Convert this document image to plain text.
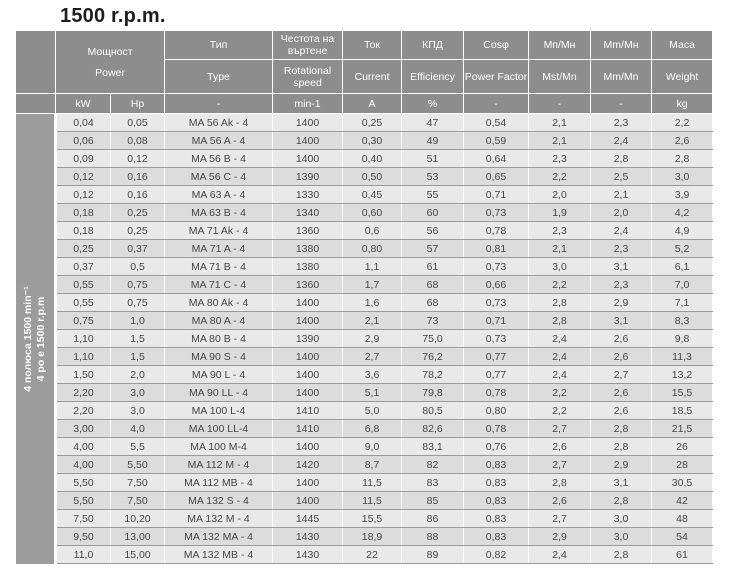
1500 r.p.m.

	Мощност
Power		Тип	Честота на въртене	Ток	КПД	Cosφ	Mп/Mн	Mm/Mн	Маса
			Type	Rotational speed	Current	Efficiency	Power Factor	Mst/Mn	Mm/Mn	Weight
	kW	Hp	-	min-1	A	%	-	-	-	kg

4 полюса 1500 min⁻¹ 4 po e 1500 r.p.m	0,04	0,05	MA 56 Ak - 4	1400	0,25	47	0,54	2,1	2,3	2,2
	0,06	0,08	MA 56 A - 4	1400	0,30	49	0,59	2,1	2,4	2,6
	0,09	0,12	MA 56 B - 4	1400	0,40	51	0,64	2,3	2,8	2,8
	0,12	0,16	MA 56 C - 4	1390	0,50	53	0,65	2,2	2,5	3,0
	0,12	0,16	MA 63 A - 4	1330	0,45	55	0,71	2,0	2,1	3,9
	0,18	0,25	MA 63 B - 4	1340	0,60	60	0,73	1,9	2,0	4,2
	0,18	0,25	MA 71 Ak - 4	1360	0,6	56	0,78	2,3	2,4	4,9
	0,25	0,37	MA 71 A - 4	1380	0,80	57	0,81	2,1	2,3	5,2
	0,37	0,5	MA 71 B - 4	1380	1,1	61	0,73	3,0	3,1	6,1
	0,55	0,75	MA 71 C - 4	1360	1,7	68	0,66	2,2	2,3	7,0
	0,55	0,75	MA 80 Ak - 4	1400	1,6	68	0,73	2,8	2,9	7,1
	0,75	1,0	MA 80 A - 4	1400	2,1	73	0,71	2,8	3,1	8,3
	1,10	1,5	MA 80 B - 4	1390	2,9	75,0	0,73	2,4	2,6	9,8
	1,10	1,5	MA 90 S - 4	1400	2,7	76,2	0,77	2,4	2,6	11,3
	1,50	2,0	MA 90 L - 4	1400	3,6	78,2	0,77	2,4	2,7	13,2
	2,20	3,0	MA 90 LL - 4	1400	5,1	79,8	0,78	2,2	2,6	15,5
	2,20	3,0	MA 100 L-4	1410	5,0	80,5	0,80	2,2	2,6	18,5
	3,00	4,0	MA 100 LL-4	1410	6,8	82,6	0,78	2,7	2,8	21,5
	4,00	5,5	MA 100 M-4	1400	9,0	83,1	0,76	2,6	2,8	26
	4,00	5,50	MA 112 M - 4	1420	8,7	82	0,83	2,7	2,9	28
	5,50	7,50	MA 112 MB - 4	1400	11,5	83	0,83	2,8	3,1	30,5
	5,50	7,50	MA 132 S - 4	1400	11,5	85	0,83	2,6	2,8	42
	7,50	10,20	MA 132 M - 4	1445	15,5	86	0,83	2,7	3,0	48
	9,50	13,00	MA 132 MA - 4	1430	18,9	88	0,83	2,9	3,0	54
	11,0	15,00	MA 132 MB - 4	1430	22	89	0,82	2,4	2,8	61
